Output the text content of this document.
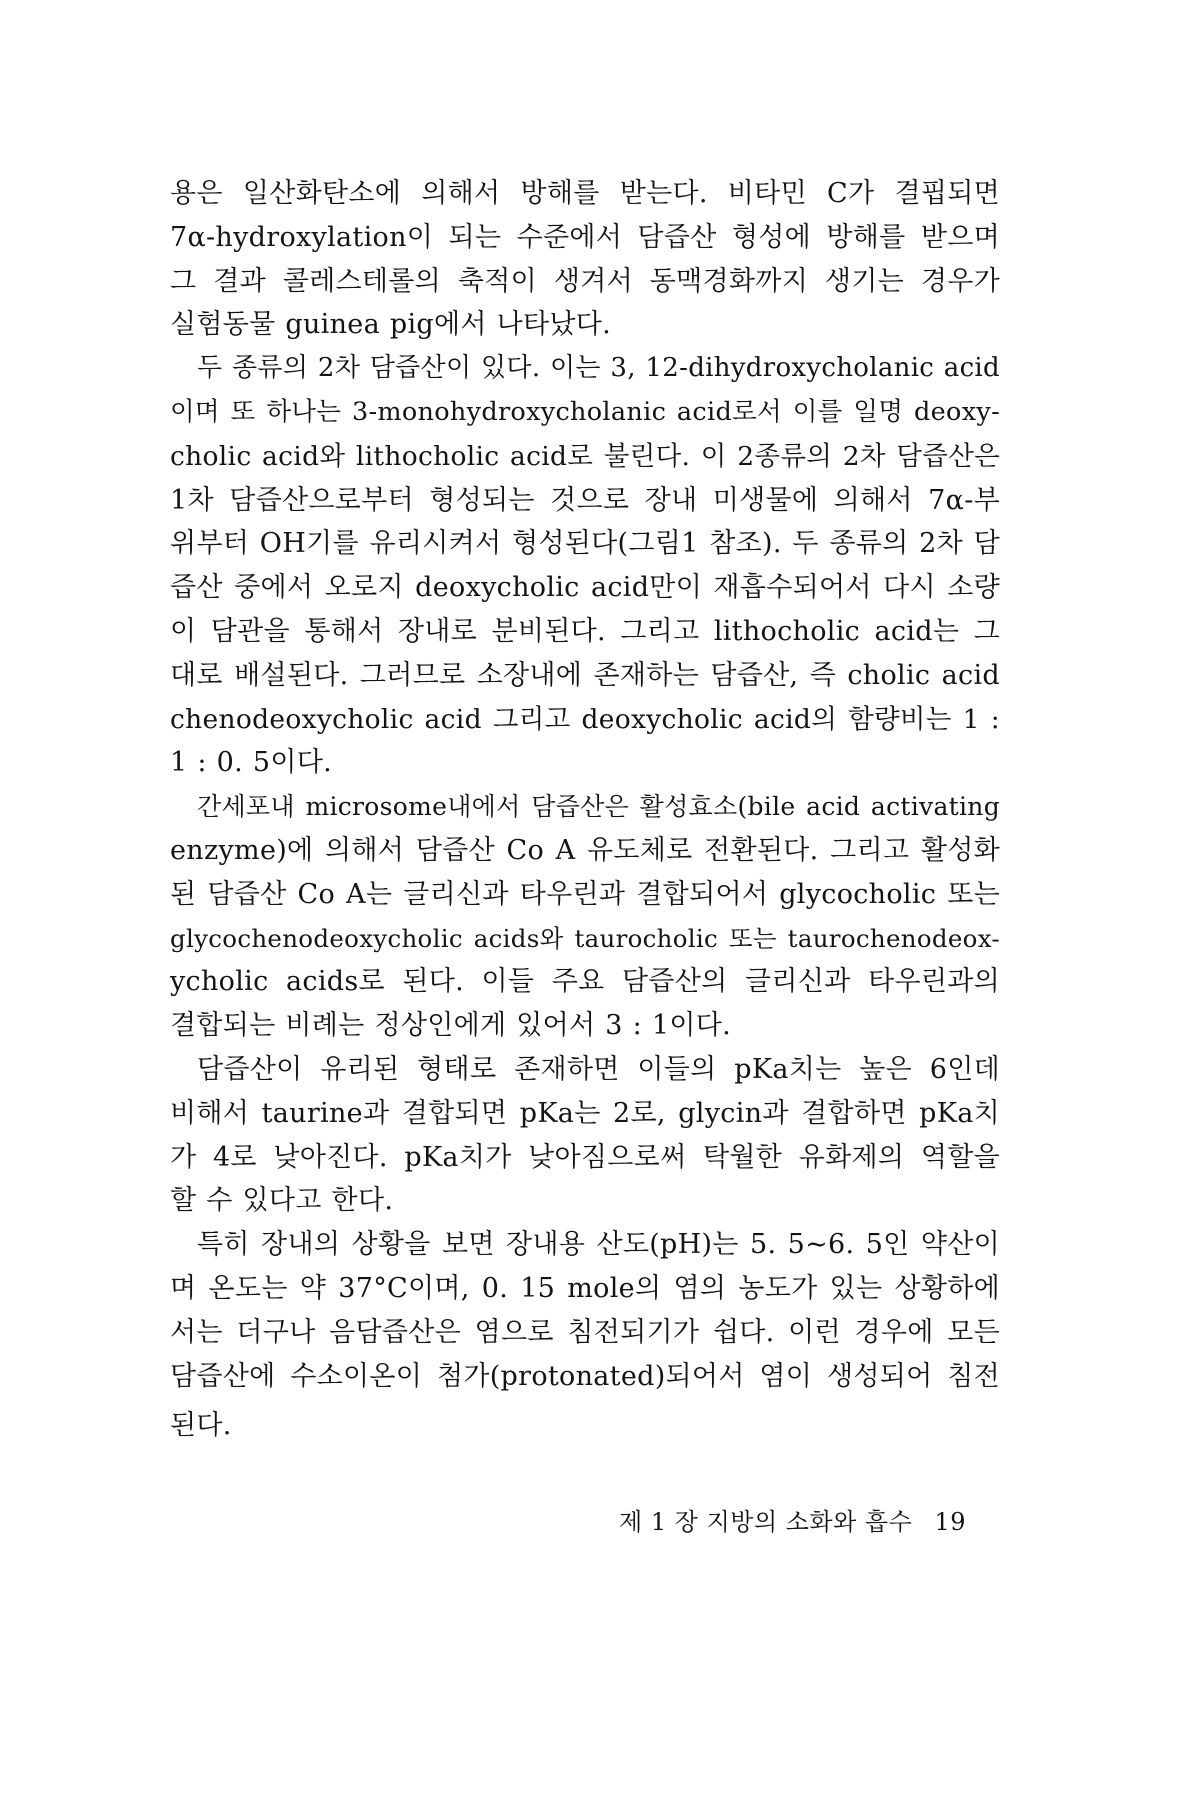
용은 일산화탄소에 의해서 방해를 받는다. 비타민 C가 결핍되면
7α-hydroxylation이 되는 수준에서 담즙산 형성에 방해를 받으며
그 결과 콜레스테롤의 축적이 생겨서 동맥경화까지 생기는 경우가
실험동물 guinea pig에서 나타났다.

두 종류의 2차 담즙산이 있다. 이는 3, 12-dihydroxycholanic acid
이며 또 하나는 3-monohydroxycholanic acid로서 이를 일명 deoxy-
cholic acid와 lithocholic acid로 불린다. 이 2종류의 2차 담즙산은
1차 담즙산으로부터 형성되는 것으로 장내 미생물에 의해서 7α-부
위부터 OH기를 유리시켜서 형성된다(그림1 참조). 두 종류의 2차 담
즙산 중에서 오로지 deoxycholic acid만이 재흡수되어서 다시 소량
이 담관을 통해서 장내로 분비된다. 그리고 lithocholic acid는 그
대로 배설된다. 그러므로 소장내에 존재하는 담즙산, 즉 cholic acid
chenodeoxycholic acid 그리고 deoxycholic acid의 함량비는 1 :
1 : 0. 5이다.

간세포내 microsome내에서 담즙산은 활성효소(bile acid activating
enzyme)에 의해서 담즙산 Co A 유도체로 전환된다. 그리고 활성화
된 담즙산 Co A는 글리신과 타우린과 결합되어서 glycocholic 또는
glycochenodeoxycholic acids와 taurocholic 또는 taurochenodeox-
ycholic acids로 된다. 이들 주요 담즙산의 글리신과 타우린과의
결합되는 비례는 정상인에게 있어서 3 : 1이다.

담즙산이 유리된 형태로 존재하면 이들의 pKa치는 높은 6인데
비해서 taurine과 결합되면 pKa는 2로, glycin과 결합하면 pKa치
가 4로 낮아진다. pKa치가 낮아짐으로써 탁월한 유화제의 역할을
할 수 있다고 한다.

특히 장내의 상황을 보면 장내용 산도(pH)는 5. 5∼6. 5인 약산이
며 온도는 약 37°C이며, 0. 15 mole의 염의 농도가 있는 상황하에
서는 더구나 음담즙산은 염으로 침전되기가 쉽다. 이런 경우에 모든
담즙산에 수소이온이 첨가(protonated)되어서 염이 생성되어 침전
된다.

제 1 장 지방의 소화와 흡수 19
